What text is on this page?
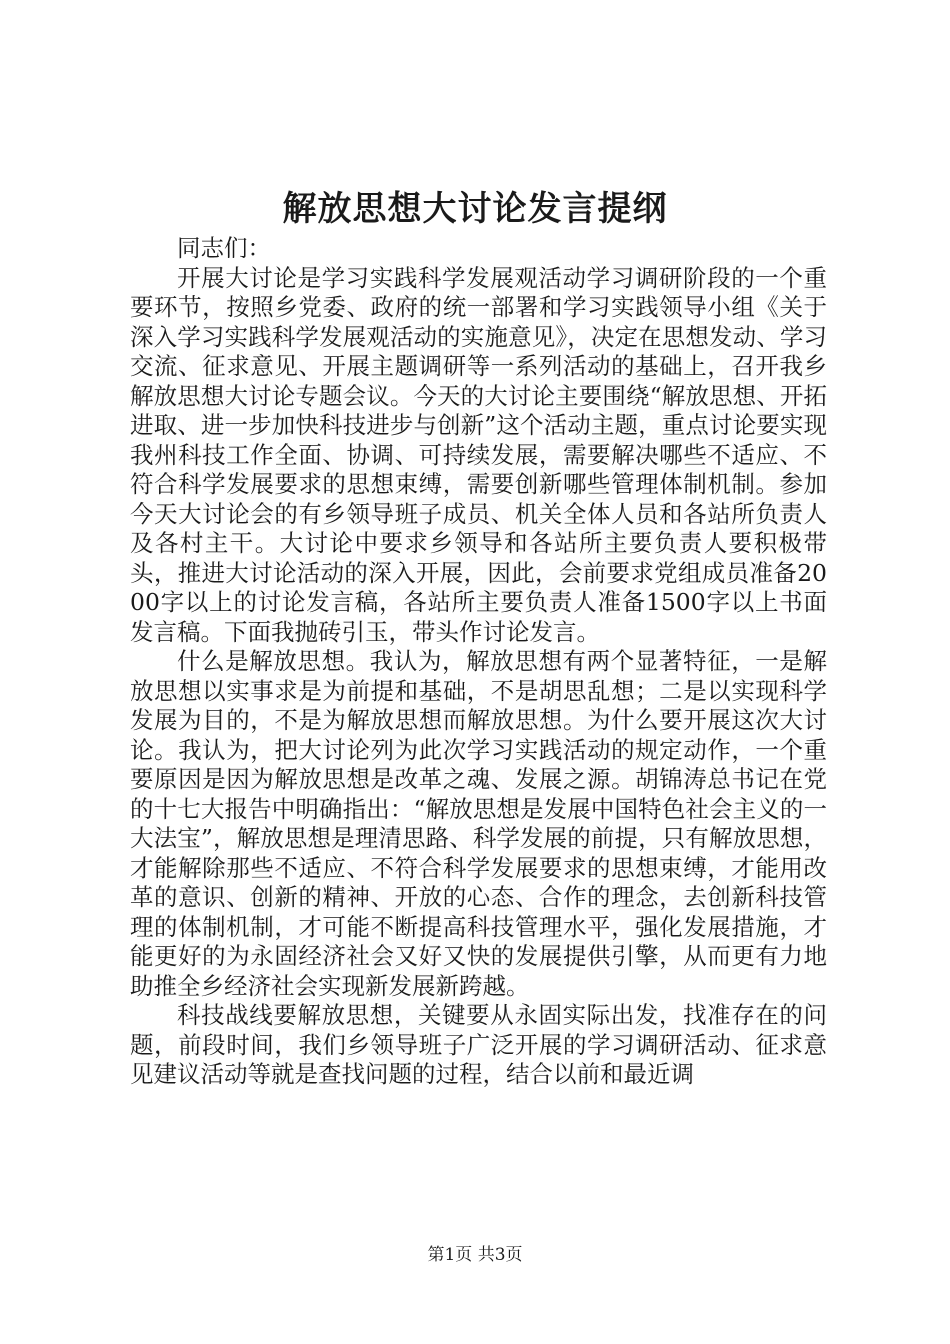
解放思想大讨论发言提纲

同志们：

开展大讨论是学习实践科学发展观活动学习调研阶段的一个重要环节，按照乡党委、政府的统一部署和学习实践领导小组《关于深入学习实践科学发展观活动的实施意见》，决定在思想发动、学习交流、征求意见、开展主题调研等一系列活动的基础上，召开我乡解放思想大讨论专题会议。今天的大讨论主要围绕“解放思想、开拓进取、进一步加快科技进步与创新”这个活动主题，重点讨论要实现我州科技工作全面、协调、可持续发展，需要解决哪些不适应、不符合科学发展要求的思想束缚，需要创新哪些管理体制机制。参加今天大讨论会的有乡领导班子成员、机关全体人员和各站所负责人及各村主干。大讨论中要求乡领导和各站所主要负责人要积极带头，推进大讨论活动的深入开展，因此，会前要求党组成员准备2000字以上的讨论发言稿，各站所主要负责人准备1500字以上书面发言稿。下面我抛砖引玉，带头作讨论发言。

什么是解放思想。我认为，解放思想有两个显著特征，一是解放思想以实事求是为前提和基础，不是胡思乱想；二是以实现科学发展为目的，不是为解放思想而解放思想。为什么要开展这次大讨论。我认为，把大讨论列为此次学习实践活动的规定动作，一个重要原因是因为解放思想是改革之魂、发展之源。胡锦涛总书记在党的十七大报告中明确指出：“解放思想是发展中国特色社会主义的一大法宝”，解放思想是理清思路、科学发展的前提，只有解放思想，才能解除那些不适应、不符合科学发展要求的思想束缚，才能用改革的意识、创新的精神、开放的心态、合作的理念，去创新科技管理的体制机制，才可能不断提高科技管理水平，强化发展措施，才能更好的为永固经济社会又好又快的发展提供引擎，从而更有力地助推全乡经济社会实现新发展新跨越。

科技战线要解放思想，关键要从永固实际出发，找准存在的问题，前段时间，我们乡领导班子广泛开展的学习调研活动、征求意见建议活动等就是查找问题的过程，结合以前和最近调

第1页 共3页
